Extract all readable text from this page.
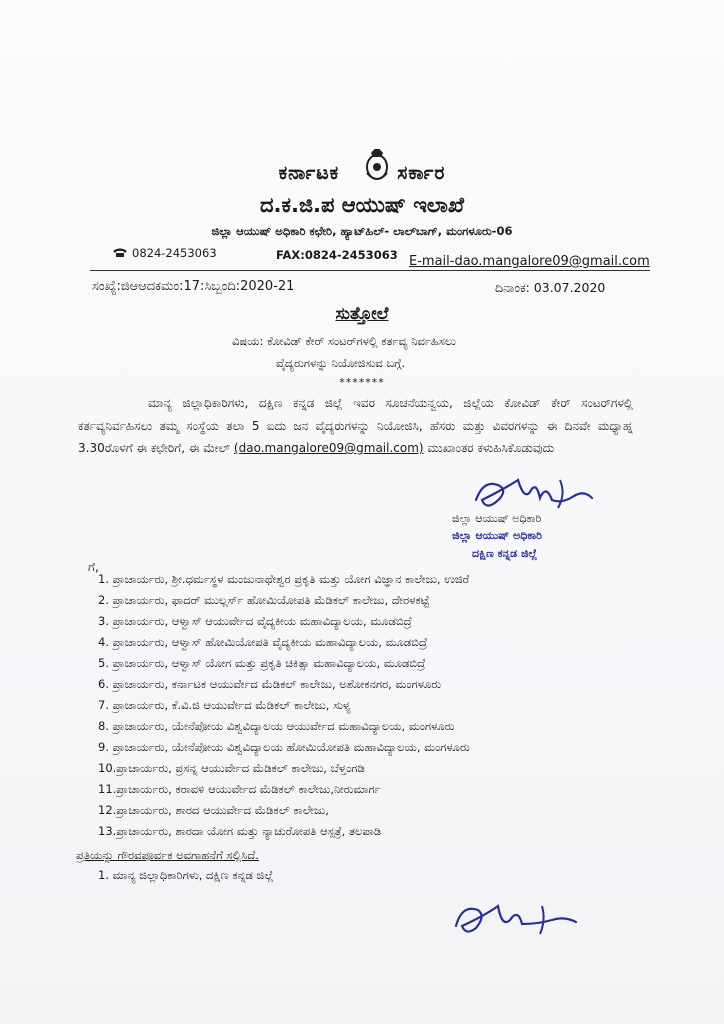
ಕರ್ನಾಟಕ	ಸರ್ಕಾರ
ದ.ಕ.ಜಿ.ಪ ಆಯುಷ್ ಇಲಾಖೆ
ಜಿಲ್ಲಾ ಆಯುಷ್ ಅಧಿಕಾರಿ ಕಛೇರಿ, ಹ್ಯಾಟ್‌ಹಿಲ್- ಲಾಲ್‌ಬಾಗ್, ಮಂಗಳೂರು-06
0824-2453063	FAX:0824-2453063 E-mail-dao.mangalore09@gmail.com
ಸಂಖ್ಯೆ:ಜಿಆಆದಕಮಂ:17:ಸಿಬ್ಬಂದಿ:2020-21	ದಿನಾಂಕ: 03.07.2020
ಸುತ್ತೋಲೆ
ವಿಷಯ: ಕೋವಿಡ್ ಕೇರ್ ಸಂಟರ್‌ಗಳಲ್ಲಿ ಕರ್ತವ್ಯ ನಿರ್ವಹಿಸಲು
ವೈದ್ಯರುಗಳನ್ನು ನಿಯೋಜಿಸುವ ಬಗ್ಗೆ.
*******
ಮಾನ್ಯ ಜಿಲ್ಲಾಧಿಕಾರಿಗಳು, ದಕ್ಷಿಣ ಕನ್ನಡ ಜಿಲ್ಲೆ ಇವರ ಸೂಚನೆಯನ್ವಯ, ಜಿಲ್ಲೆಯ ಕೋವಿಡ್ ಕೇರ್ ಸಂಟರ್‌ಗಳಲ್ಲಿ ಕರ್ತವ್ಯನಿರ್ವಹಿಸಲು ತಮ್ಮ ಸಂಸ್ಥೆಯ ತಲಾ 5 ಐದು ಜನ ವೈದ್ಯರುಗಳನ್ನು ನಿಯೋಜಿಸಿ, ಹೆಸರು ಮತ್ತು ವಿವರಗಳನ್ನು ಈ ದಿನವೇ ಮಧ್ಯಾಹ್ನ 3.30ರೊಳಗೆ ಈ ಕಛೇರಿಗೆ, ಈ ಮೇಲ್ (dao.mangalore09@gmail.com) ಮುಖಾಂತರ ಕಳುಹಿಸಿಕೊಡುವುದು
ಜಿಲ್ಲಾ ಆಯುಷ್ ಅಧಿಕಾರಿ
ಜಿಲ್ಲಾ ಆಯುಷ್ ಅಧಿಕಾರಿ
ದಕ್ಷಿಣ ಕನ್ನಡ ಜಿಲ್ಲೆ
ಗೆ,
1. ಪ್ರಾಚಾರ್ಯರು, ಶ್ರೀ.ಧರ್ಮಸ್ಥಳ ಮಂಜುನಾಥೇಶ್ವರ ಪ್ರಕೃತಿ ಮತ್ತು ಯೋಗ ವಿಜ್ಞಾನ ಕಾಲೇಜು, ಉಜಿರೆ
2. ಪ್ರಾಚಾರ್ಯರು, ಫಾದರ್ ಮುಲ್ಲರ್ಸ್ ಹೋಮಿಯೋಪತಿ ಮೆಡಿಕಲ್ ಕಾಲೇಜು, ದೇರಳಕಟ್ಟೆ
3. ಪ್ರಾಚಾರ್ಯರು, ಆಳ್ವಾಸ್ ಆಯುರ್ವೇದ ವೈದ್ಯಕೀಯ ಮಹಾವಿದ್ಯಾಲಯ, ಮೂಡಬಿದ್ರೆ
4. ಪ್ರಾಚಾರ್ಯರು, ಆಳ್ವಾಸ್ ಹೋಮಿಯೋಪತಿ ವೈದ್ಯಕೀಯ ಮಹಾವಿದ್ಯಾಲಯ, ಮೂಡಬಿದ್ರೆ
5. ಪ್ರಾಚಾರ್ಯರು, ಆಳ್ವಾಸ್ ಯೋಗ ಮತ್ತು ಪ್ರಕೃತಿ ಚಿಕಿತ್ಸಾ ಮಹಾವಿದ್ಯಾಲಯ, ಮೂಡಬಿದ್ರೆ
6. ಪ್ರಾಚಾರ್ಯರು, ಕರ್ನಾಟಕ ಆಯುರ್ವೇದ ಮೆಡಿಕಲ್ ಕಾಲೇಜು, ಅಶೋಕನಗರ, ಮಂಗಳೂರು
7. ಪ್ರಾಚಾರ್ಯರು, ಕೆ.ವಿ.ಜಿ ಆಯುರ್ವೇದ ಮೆಡಿಕಲ್ ಕಾಲೇಜು, ಸುಳ್ಯ
8. ಪ್ರಾಚಾರ್ಯರು, ಯೇನೆಪೋಯ ವಿಶ್ವವಿದ್ಯಾಲಯ ಆಯುರ್ವೇದ ಮಹಾವಿದ್ಯಾಲಯ, ಮಂಗಳೂರು
9. ಪ್ರಾಚಾರ್ಯರು, ಯೇನೆಪೋಯ ವಿಶ್ವವಿದ್ಯಾಲಯ ಹೋಮಿಯೋಪತಿ ಮಹಾವಿದ್ಯಾಲಯ, ಮಂಗಳೂರು
10.ಪ್ರಾಚಾರ್ಯರು, ಪ್ರಸನ್ನ ಆಯುರ್ವೇದ ಮೆಡಿಕಲ್ ಕಾಲೇಜು, ಬೆಳ್ತಂಗಡಿ
11.ಪ್ರಾಚಾರ್ಯರು, ಕರಾವಳಿ ಆಯುರ್ವೇದ ಮೆಡಿಕಲ್ ಕಾಲೇಜು,ನೀರುಮಾರ್ಗ
12.ಪ್ರಾಚಾರ್ಯರು, ಶಾರದ ಆಯುರ್ವೇದ ಮೆಡಿಕಲ್ ಕಾಲೇಜು,
13.ಪ್ರಾಚಾರ್ಯರು, ಶಾರದಾ ಯೋಗ ಮತ್ತು ನ್ಯಾಚುರೋಪತಿ ಆಸ್ಪತ್ರೆ, ತಲಪಾಡಿ
ಪ್ರತಿಯನ್ನು ಗೌರವಪೂರ್ವಕ ಅವಗಾಹನೆಗೆ ಸಲ್ಲಿಸಿದೆ.
1. ಮಾನ್ಯ ಜಿಲ್ಲಾಧಿಕಾರಿಗಳು, ದಕ್ಷಿಣ ಕನ್ನಡ ಜಿಲ್ಲೆ
